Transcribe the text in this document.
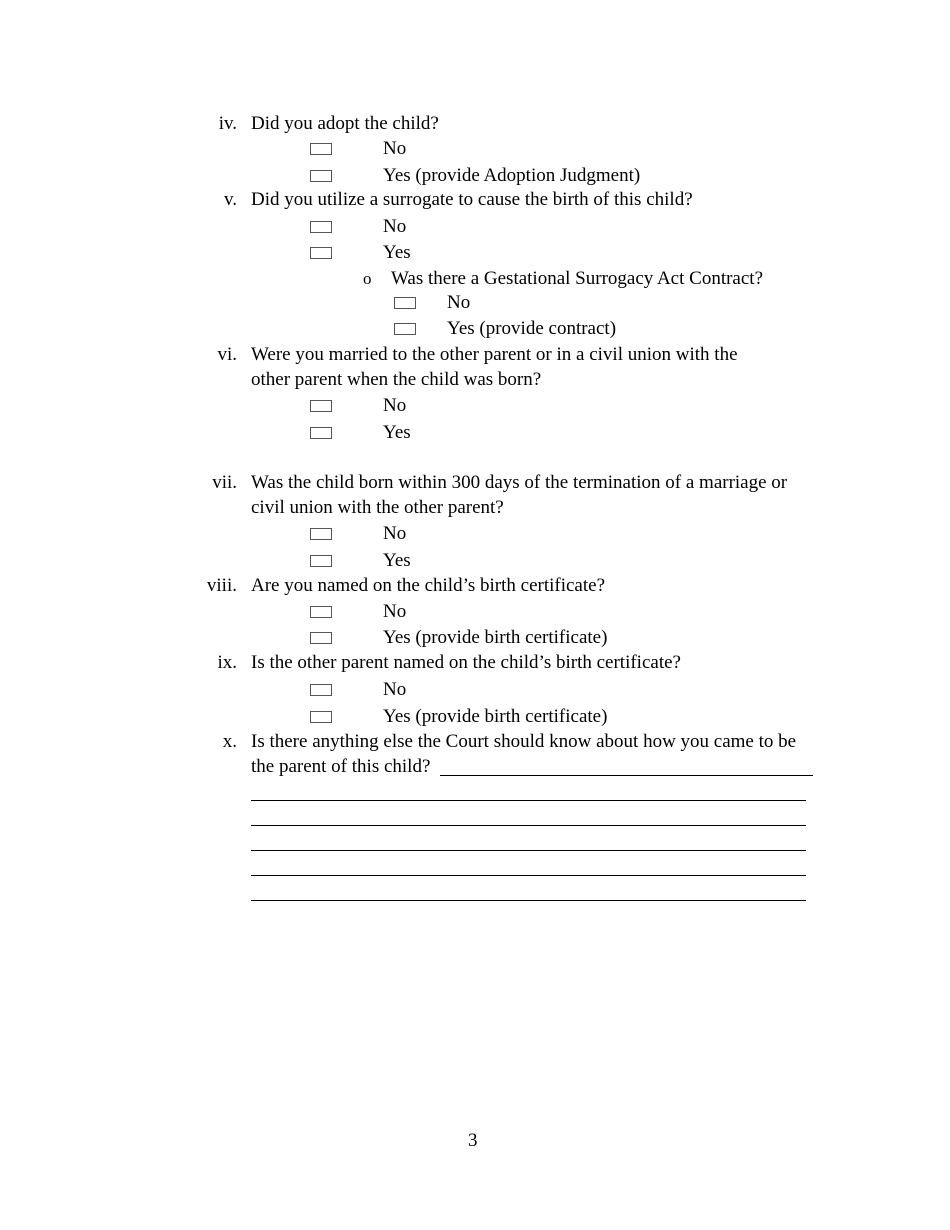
iv. Did you adopt the child?
No
Yes (provide Adoption Judgment)
v. Did you utilize a surrogate to cause the birth of this child?
No
Yes
o Was there a Gestational Surrogacy Act Contract?
No
Yes (provide contract)
vi. Were you married to the other parent or in a civil union with the
other parent when the child was born?
No
Yes
vii. Was the child born within 300 days of the termination of a marriage or
civil union with the other parent?
No
Yes
viii. Are you named on the child’s birth certificate?
No
Yes (provide birth certificate)
ix. Is the other parent named on the child’s birth certificate?
No
Yes (provide birth certificate)
x. Is there anything else the Court should know about how you came to be
the parent of this child?
3
